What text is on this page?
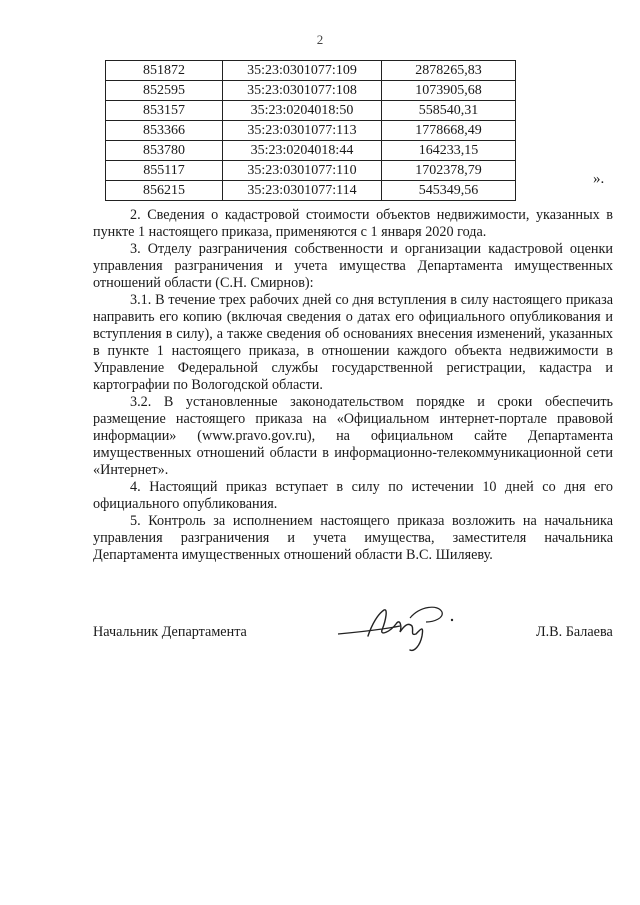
2
851872	35:23:0301077:109	2878265,83
852595	35:23:0301077:108	1073905,68
853157	35:23:0204018:50	558540,31
853366	35:23:0301077:113	1778668,49
853780	35:23:0204018:44	164233,15
855117	35:23:0301077:110	1702378,79
856215	35:23:0301077:114	545349,56
».

2. Сведения о кадастровой стоимости объектов недвижимости, указанных в пункте 1 настоящего приказа, применяются с 1 января 2020 года.

3. Отделу разграничения собственности и организации кадастровой оценки управления разграничения и учета имущества Департамента имущественных отношений области (С.Н. Смирнов):

3.1. В течение трех рабочих дней со дня вступления в силу настоящего приказа направить его копию (включая сведения о датах его официального опубликования и вступления в силу), а также сведения об основаниях внесения изменений, указанных в пункте 1 настоящего приказа, в отношении каждого объекта недвижимости в Управление Федеральной службы государственной регистрации, кадастра и картографии по Вологодской области.

3.2. В установленные законодательством порядке и сроки обеспечить размещение настоящего приказа на «Официальном интернет-портале правовой информации» (www.pravo.gov.ru), на официальном сайте Департамента имущественных отношений области в информационно-телекоммуникационной сети «Интернет».

4. Настоящий приказ вступает в силу по истечении 10 дней со дня его официального опубликования.

5. Контроль за исполнением настоящего приказа возложить на начальника управления разграничения и учета имущества, заместителя начальника Департамента имущественных отношений области В.С. Шиляеву.

Начальник Департамента	Л.В. Балаева
